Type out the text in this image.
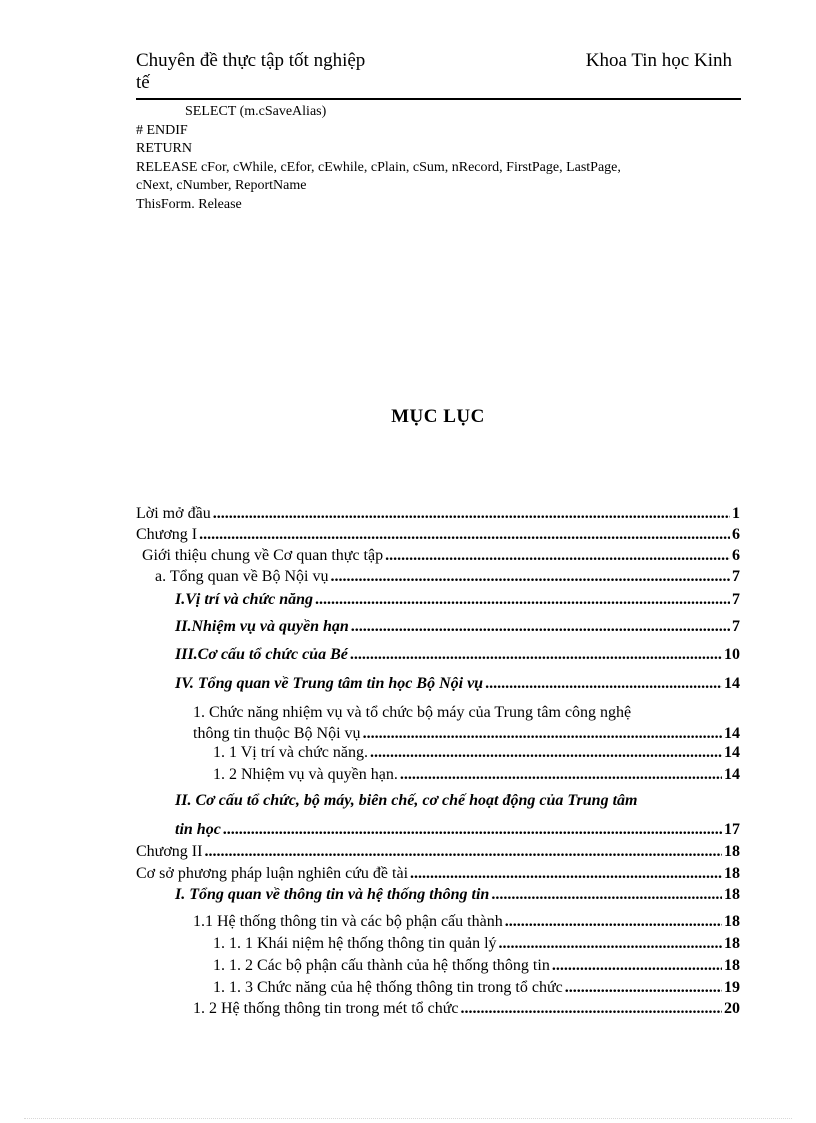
Chuyên đề thực tập tốt nghiệp
tế
Khoa Tin học Kinh
SELECT (m.cSaveAlias)
# ENDIF
RETURN
RELEASE cFor, cWhile, cEfor, cEwhile, cPlain, cSum, nRecord, FirstPage, LastPage,
cNext, cNumber, ReportName
ThisForm. Release
MỤC LỤC
Lời mở đầu .....	1
Chương I .....	6
Giới thiệu chung về Cơ quan thực tập .....	6
a. Tổng quan về Bộ Nội vụ .....	7
I.Vị trí và chức năng .....	7
II.Nhiệm vụ và quyền hạn .....	7
III.Cơ cấu tổ chức của Bé .....	10
IV. Tổng quan về Trung tâm tin học Bộ Nội vụ .....	14
1. Chức năng nhiệm vụ và tổ chức bộ máy của Trung tâm công nghệ
thông tin thuộc Bộ Nội vụ .....	14
1. 1 Vị trí và chức năng. .....	14
1. 2 Nhiệm vụ và quyền hạn. .....	14
II. Cơ cấu tổ chức, bộ máy, biên chế, cơ chế hoạt động của Trung tâm
tin học .....	17
Chương II .....	18
Cơ sở phương pháp luận nghiên cứu đề tài .....	18
I. Tổng quan về thông tin và hệ thống thông tin .....	18
1.1 Hệ thống thông tin và các bộ phận cấu thành .....	18
1. 1. 1 Khái niệm hệ thống thông tin quản lý .....	18
1. 1. 2 Các bộ phận cấu thành của hệ thống thông tin .....	18
1. 1. 3 Chức năng của hệ thống thông tin trong tổ chức .....	19
1. 2 Hệ thống thông tin trong mét tổ chức .....	20
